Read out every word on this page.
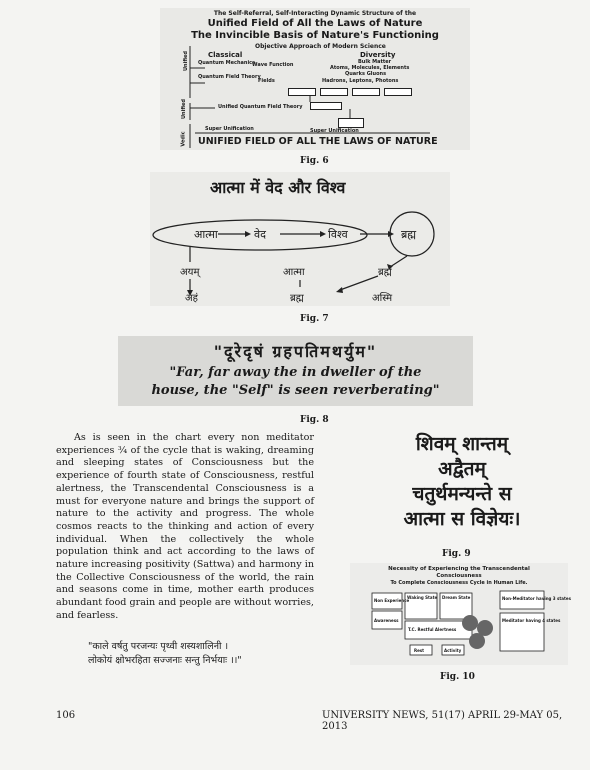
The Self-Referral, Self-Interacting Dynamic Structure of the
Unified Field of All the Laws of Nature
The Invincible Basis of Nature's Functioning
Objective Approach of Modern Science
Classical	Diversity
Quantum Mechanics
Wave Function	Bulk Matter
Atoms, Molecules, Elements
Quarks Gluons
Quantum Field Theory
Fields	Hadrons, Leptons, Photons
Unified Quantum Field Theory
Super Unification	Super Unification
Unified
Unified
Vedic UNIFIED FIELD OF ALL THE LAWS OF NATURE
Fig. 6
आत्मा में वेद और विश्व
आत्मा	वेद	विश्व	ब्रह्म
अयम्	आत्मा	ब्रह्म
अहं	ब्रह्म	अस्मि
Fig. 7
"दूरेदृषं ग्रहपतिमथर्युम"
"Far, far away the in dweller of the
house, the "Self" is seen reverberating"
Fig. 8

As is seen in the chart every non meditator experiences ¾ of the cycle that is waking, dreaming and sleeping states of Consciousness but the experience of fourth state of Consciousness, restful alertness, the Transcendental Consciousness is a must for everyone nature and brings the support of nature to the activity and progress. The whole cosmos reacts to the thinking and action of every individual. When the collectively the whole population think and act according to the laws of nature increasing positivity (Sattwa) and harmony in the Collective Consciousness of the world, the rain and seasons come in time, mother earth produces abundant food grain and people are without worries, and fearless.

"काले वर्षतु परजन्यः पृथ्वी शस्यशालिनी ।
लोकोयं क्षोभरहिता सज्जनाः सन्तु निर्भयाः ।।"
शिवम् शान्तम्
अद्वैतम्
चतुर्थमन्यन्ते स
आत्मा स विज्ञेयः।
Fig. 9
Necessity of Experiencing the Transcendental
Consciousness
To Complete Consciousness Cycle in Human Life.
Non Experience
Waking State Dream State
Awareness
T.C. Restful Alertness
Rest	Activity
Non-Meditator having 3 states
Meditator having 4 states
Fig. 10
106	UNIVERSITY NEWS, 51(17) APRIL 29-MAY 05, 2013
